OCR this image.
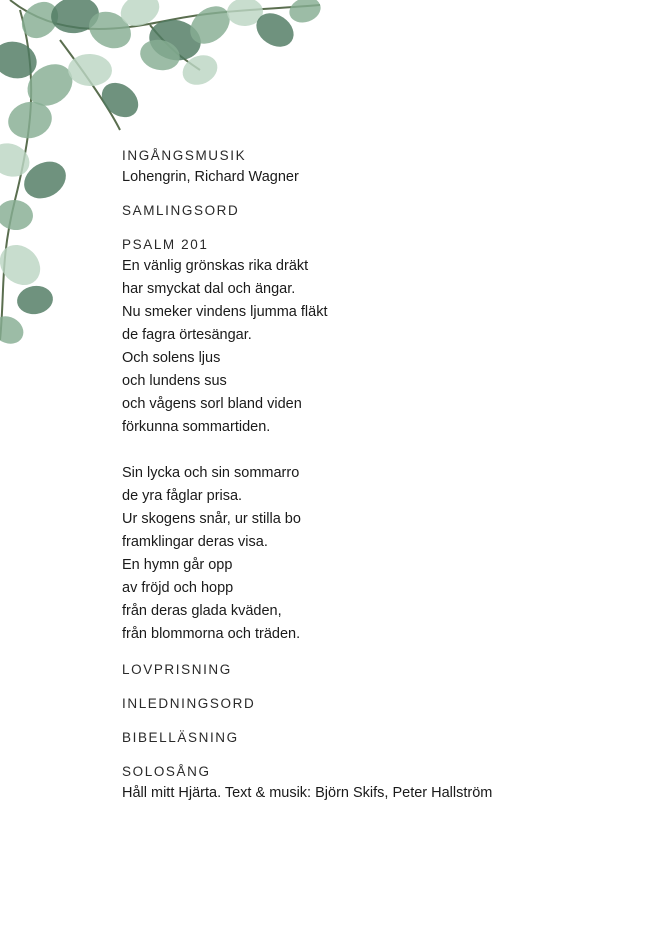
INGÅNGSMUSIK

Lohengrin, Richard Wagner

SAMLINGSORD

PSALM 201

En vänlig grönskas rika dräkt

har smyckat dal och ängar.

Nu smeker vindens ljumma fläkt

de fagra örtesängar.

Och solens ljus

och lundens sus

och vågens sorl bland viden

förkunna sommartiden.

Sin lycka och sin sommarro

de yra fåglar prisa.

Ur skogens snår, ur stilla bo

framklingar deras visa.

En hymn går opp

av fröjd och hopp

från deras glada kväden,

från blommorna och träden.

LOVPRISNING

INLEDNINGSORD

BIBELLÄSNING

SOLOSÅNG

Håll mitt Hjärta. Text & musik: Björn Skifs, Peter Hallström
